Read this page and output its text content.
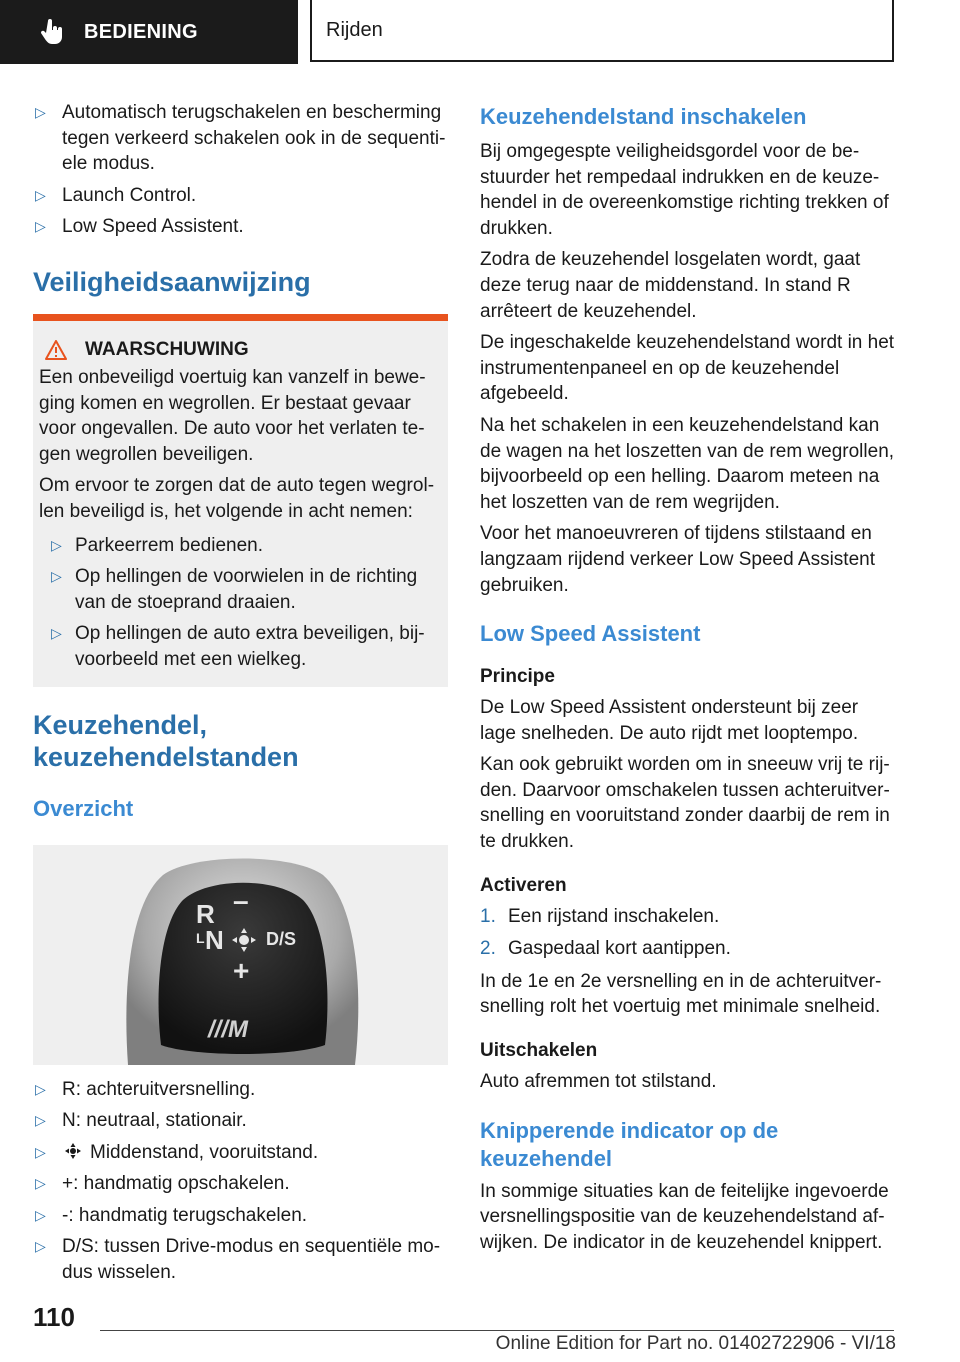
BEDIENING	Rijden
▷ Automatisch terugschakelen en bescherming tegen verkeerd schakelen ook in de sequentiele modus.
▷ Launch Control.
▷ Low Speed Assistent.
Veiligheidsaanwijzing
WAARSCHUWING

Een onbeveiligd voertuig kan vanzelf in beweging komen en wegrollen. Er bestaat gevaar voor ongevallen. De auto voor het verlaten tegen wegrollen beveiligen.

Om ervoor te zorgen dat de auto tegen wegrollen beveiligd is, het volgende in acht nemen:

▷ Parkeerrem bedienen.
▷ Op hellingen de voorwielen in de richting van de stoeprand draaien.
▷ Op hellingen de auto extra beveiligen, bijvoorbeeld met een wielkeg.
Keuzehendel, keuzehendelstanden
Overzicht
R –
L N D/S
+
///M
▷ R: achteruitversnelling.
▷ N: neutraal, stationair.
▷ Middenstand, vooruitstand.
▷ +: handmatig opschakelen.
▷ -: handmatig terugschakelen.
▷ D/S: tussen Drive-modus en sequentiële modus wisselen.
Keuzehendelstand inschakelen

Bij omgegespte veiligheidsgordel voor de bestuurder het rempedaal indrukken en de keuzehendel in de overeenkomstige richting trekken of drukken.

Zodra de keuzehendel losgelaten wordt, gaat deze terug naar de middenstand. In stand R arrêteert de keuzehendel.

De ingeschakelde keuzehendelstand wordt in het instrumentenpaneel en op de keuzehendel afgebeeld.

Na het schakelen in een keuzehendelstand kan de wagen na het loszetten van de rem wegrollen, bijvoorbeeld op een helling. Daarom meteen na het loszetten van de rem wegrijden.

Voor het manoeuvreren of tijdens stilstaand en langzaam rijdend verkeer Low Speed Assistent gebruiken.

Low Speed Assistent
Principe

De Low Speed Assistent ondersteunt bij zeer lage snelheden. De auto rijdt met looptempo.

Kan ook gebruikt worden om in sneeuw vrij te rijden. Daarvoor omschakelen tussen achteruitversnelling en vooruitstand zonder daarbij de rem in te drukken.

Activeren
1. Een rijstand inschakelen.
2. Gaspedaal kort aantippen.

In de 1e en 2e versnelling en in de achteruitversnelling rolt het voertuig met minimale snelheid.

Uitschakelen

Auto afremmen tot stilstand.

Knipperende indicator op de keuzehendel

In sommige situaties kan de feitelijke ingevoerde versnellingspositie van de keuzehendelstand afwijken. De indicator in de keuzehendel knippert.

110
Online Edition for Part no. 01402722906 - VI/18
